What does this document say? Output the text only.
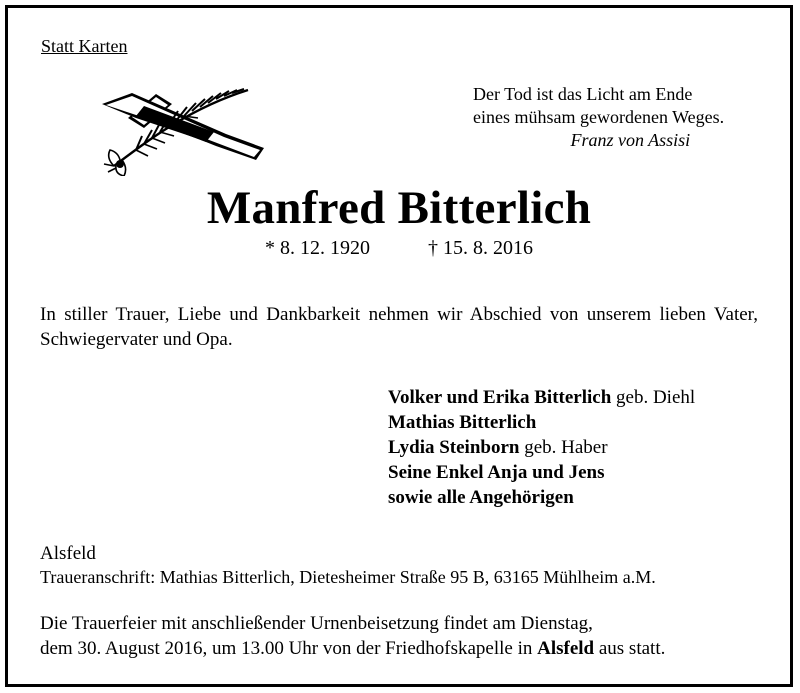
Statt Karten
Der Tod ist das Licht am Ende
eines mühsam gewordenen Weges.
Franz von Assisi
Manfred Bitterlich
* 8. 12. 1920	† 15. 8. 2016

In stiller Trauer, Liebe und Dankbarkeit nehmen wir Abschied von unserem lieben Vater, Schwiegervater und Opa.

Volker und Erika Bitterlich geb. Diehl
Mathias Bitterlich
Lydia Steinborn geb. Haber
Seine Enkel Anja und Jens
sowie alle Angehörigen
Alsfeld
Traueranschrift: Mathias Bitterlich, Dietesheimer Straße 95 B, 63165 Mühlheim a.M.
Die Trauerfeier mit anschließender Urnenbeisetzung findet am Dienstag,
dem 30. August 2016, um 13.00 Uhr von der Friedhofskapelle in Alsfeld aus statt.
